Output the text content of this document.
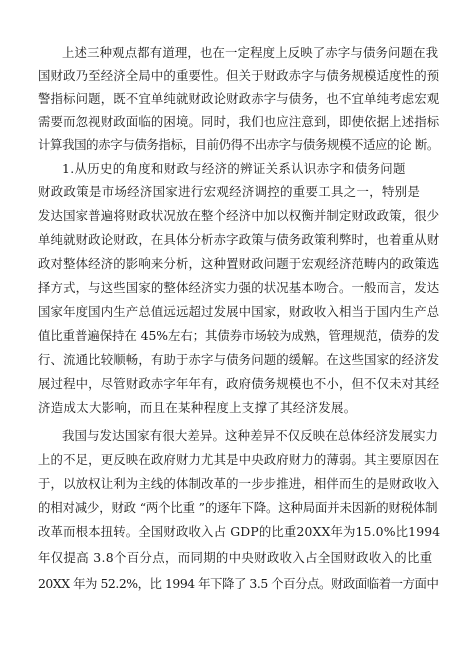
上述三种观点都有道理，也在一定程度上反映了赤字与债务问题在我
国财政乃至经济全局中的重要性。但关于财政赤字与债务规模适度性的预
警指标问题，既不宜单纯就财政论财政赤字与债务，也不宜单纯考虑宏观
需要而忽视财政面临的困境。同时，我们也应注意到，即使依据上述指标
计算我国的赤字与债务指标，目前仍得不出赤字与债务规模不适应的论 断。
1.从历史的角度和财政与经济的辨证关系认识赤字和债务问题
财政政策是市场经济国家进行宏观经济调控的重要工具之一，特别是
发达国家普遍将财政状况放在整个经济中加以权衡并制定财政政策，很少
单纯就财政论财政，在具体分析赤字政策与债务政策利弊时，也着重从财
政对整体经济的影响来分析，这种置财政问题于宏观经济范畴内的政策选
择方式，与这些国家的整体经济实力强的状况基本吻合。一般而言，发达
国家年度国内生产总值远远超过发展中国家，财政收入相当于国内生产总
值比重普遍保持在 45%左右；其债券市场较为成熟，管理规范，债券的发
行、流通比较顺畅，有助于赤字与债务问题的缓解。在这些国家的经济发
展过程中，尽管财政赤字年年有，政府债务规模也不小，但不仅未对其经
济造成太大影响，而且在某种程度上支撑了其经济发展。
我国与发达国家有很大差异。这种差异不仅反映在总体经济发展实力
上的不足，更反映在政府财力尤其是中央政府财力的薄弱。其主要原因在
于，以放权让利为主线的体制改革的一步步推进，相伴而生的是财政收入
的相对减少，财政 “两个比重 ”的逐年下降。这种局面并未因新的财税体制
改革而根本扭转。全国财政收入占 GDP的比重20XX年为15.0%比1994
年仅提高 3.8个百分点，而同期的中央财政收入占全国财政收入的比重
20XX 年为 52.2%，比 1994 年下降了 3.5 个百分点。财政面临着一方面中
